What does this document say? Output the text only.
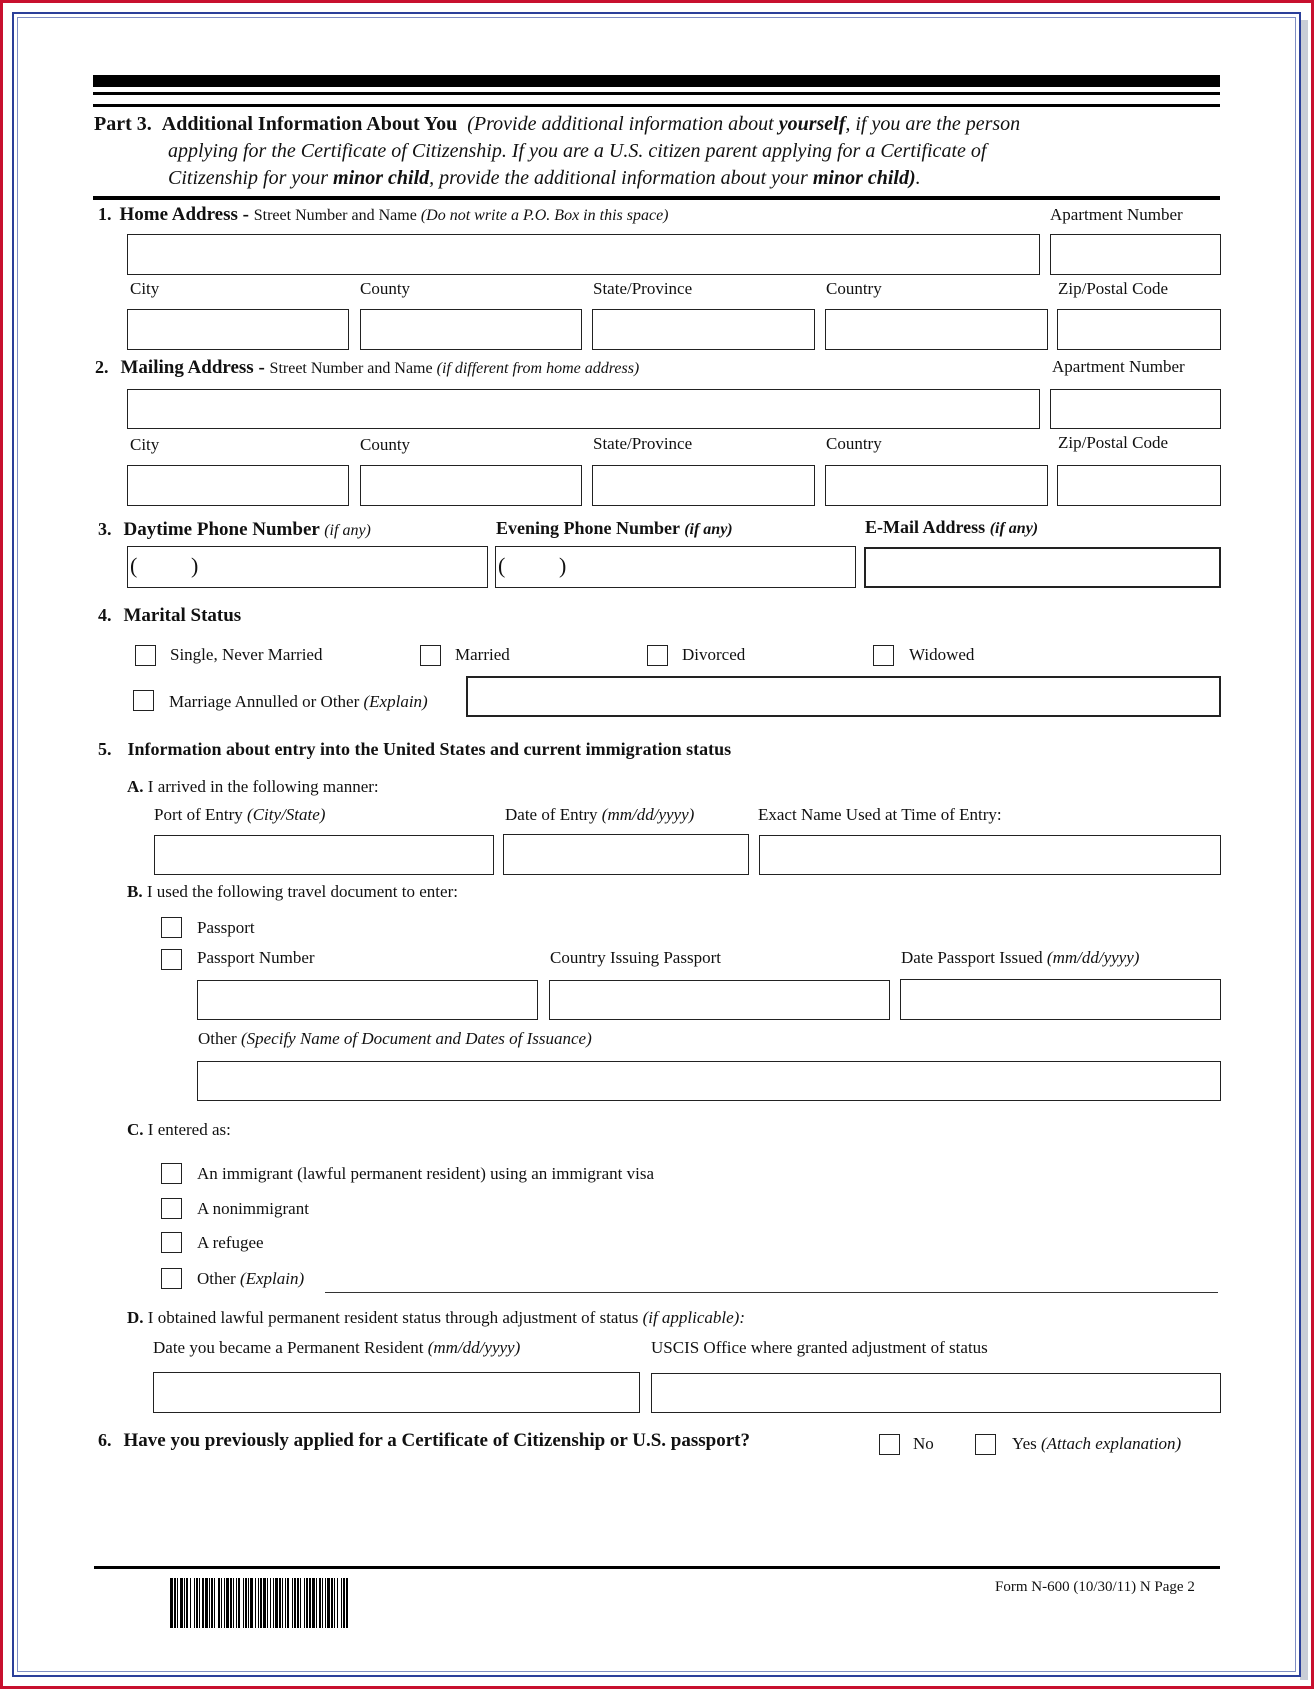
Part 3. Additional Information About You (Provide additional information about yourself, if you are the person
applying for the Certificate of Citizenship. If you are a U.S. citizen parent applying for a Certificate of
Citizenship for your minor child, provide the additional information about your minor child).
1. Home Address - Street Number and Name (Do not write a P.O. Box in this space)	Apartment Number
City	County	State/Province	Country	Zip/Postal Code
2. Mailing Address - Street Number and Name (if different from home address)	Apartment Number
City	County	State/Province	Country	Zip/Postal Code
3. Daytime Phone Number (if any)	Evening Phone Number (if any)	E-Mail Address (if any)
( )	( )
4. Marital Status
Single, Never Married	Married	Divorced	Widowed
Marriage Annulled or Other (Explain)
5. Information about entry into the United States and current immigration status
A. I arrived in the following manner:
Port of Entry (City/State)	Date of Entry (mm/dd/yyyy)	Exact Name Used at Time of Entry:
B. I used the following travel document to enter:
Passport
Passport Number	Country Issuing Passport	Date Passport Issued (mm/dd/yyyy)
Other (Specify Name of Document and Dates of Issuance)
C. I entered as:
An immigrant (lawful permanent resident) using an immigrant visa
A nonimmigrant
A refugee
Other (Explain)
D. I obtained lawful permanent resident status through adjustment of status (if applicable):
Date you became a Permanent Resident (mm/dd/yyyy)	USCIS Office where granted adjustment of status
6. Have you previously applied for a Certificate of Citizenship or U.S. passport?	No	Yes (Attach explanation)
Form N-600 (10/30/11) N Page 2
